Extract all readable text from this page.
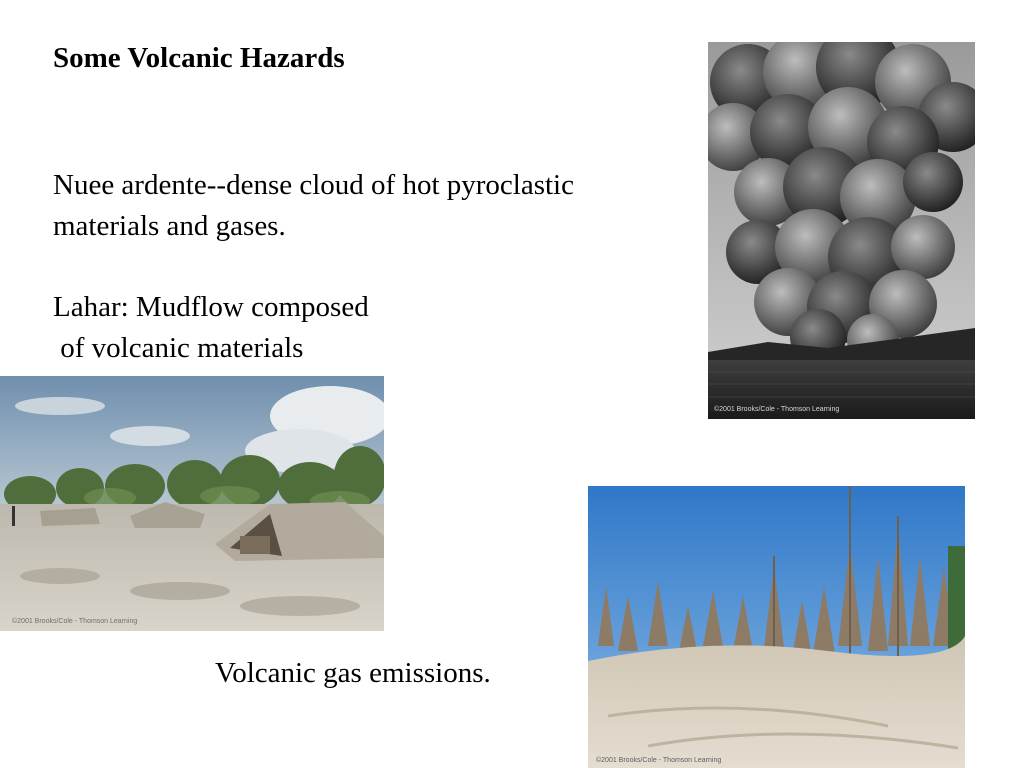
Some Volcanic Hazards
Nuee ardente--dense cloud of hot pyroclastic
materials and gases.
Lahar: Mudflow composed
of volcanic materials
Volcanic gas emissions.
©2001 Brooks/Cole - Thomson Learning
©2001 Brooks/Cole - Thomson Learning
©2001 Brooks/Cole - Thomson Learning
